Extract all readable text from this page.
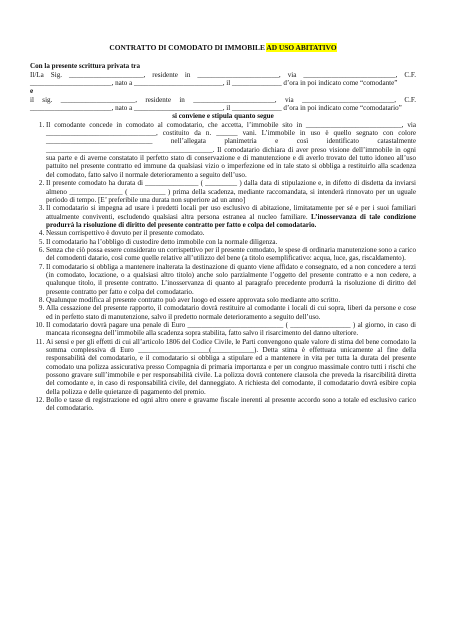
CONTRATTO DI COMODATO DI IMMOBILE AD USO ABITATIVO

Con la presente scrittura privata tra

Il/La Sig. _____________________, residente in _______________________, via __________________________, C.F. _______________________, nato a _________________________, il ______________ d’ora in poi indicato come “comodante”

e

il sig. _____________________, residente in _______________________, via __________________________, C.F. _______________________, nato a _________________________, il ______________ d’ora in poi indicato come “comodatario”

si conviene e stipula quanto segue

1. Il comodante concede in comodato al comodatario, che accetta, l’immobile sito in ___________________________, via _______________________________, costituito da n. ______ vani. L’immobile in uso è quello segnato con colore ______________________________ nell’allegata planimetria e così identificato catastalmente _______________________________________________. Il comodatario dichiara di aver preso visione dell’immobile in ogni sua parte e di averne constatato il perfetto stato di conservazione e di manutenzione e di averlo trovato del tutto idoneo all’uso pattuito nel presente contratto ed immune da qualsiasi vizio o imperfezione ed in tale stato si obbliga a restituirlo alla scadenza del comodato, fatto salvo il normale deterioramento a seguito dell’uso.
2. Il presente comodato ha durata di _______________ ( _________ ) dalla data di stipulazione e, in difetto di disdetta da inviarsi almeno _______________ ( __________ ) prima della scadenza, mediante raccomandata, si intenderà rinnovato per un uguale periodo di tempo. [E’ preferibile una durata non superiore ad un anno]
3. Il comodatario si impegna ad usare i predetti locali per uso esclusivo di abitazione, limitatamente per sé e per i suoi familiari attualmente conviventi, escludendo qualsiasi altra persona estranea al nucleo familiare. L’inosservanza di tale condizione produrrà la risoluzione di diritto del presente contratto per fatto e colpa del comodatario.
4. Nessun corrispettivo è dovuto per il presente comodato.
5. Il comodatario ha l’obbligo di custodire detto immobile con la normale diligenza.
6. Senza che ciò possa essere considerato un corrispettivo per il presente comodato, le spese di ordinaria manutenzione sono a carico del comodenti datario, così come quelle relative all’utilizzo del bene (a titolo esemplificativo: acqua, luce, gas, riscaldamento).
7. Il comodatario si obbliga a mantenere inalterata la destinazione di quanto viene affidato e consegnato, ed a non concedere a terzi (in comodato, locazione, o a qualsiasi altro titolo) anche solo parzialmente l’oggetto del presente contratto e a non cedere, a qualunque titolo, il presente contratto. L’inosservanza di quanto al paragrafo precedente produrrà la risoluzione di diritto del presente contratto per fatto e colpa del comodatario.
8. Qualunque modifica al presente contratto può aver luogo ed essere approvata solo mediante atto scritto.
9. Alla cessazione del presente rapporto, il comodatario dovrà restituire al comodante i locali di cui sopra, liberi da persone e cose ed in perfetto stato di manutenzione, salvo il predetto normale deterioramento a seguito dell’uso.
10. Il comodatario dovrà pagare una penale di Euro ___________________________ ( _________________ ) al giorno, in caso di mancata riconsegna dell’immobile alla scadenza sopra stabilita, fatto salvo il risarcimento del danno ulteriore.
11. Ai sensi e per gli effetti di cui all’articolo 1806 del Codice Civile, le Parti convengono quale valore di stima del bene comodato la somma complessiva di Euro ____________________(____________). Detta stima è effettuata unicamente al fine della responsabilità del comodatario, e il comodatario si obbliga a stipulare ed a mantenere in vita per tutta la durata del presente comodato una polizza assicurativa presso Compagnia di primaria importanza e per un congruo massimale contro tutti i rischi che possono gravare sull’immobile e per responsabilità civile. La polizza dovrà contenere clausola che preveda la risarcibilità diretta del comodante e, in caso di responsabilità civile, del danneggiato. A richiesta del comodante, il comodatario dovrà esibire copia della polizza e delle quietanze di pagamento del premio.
12. Bollo e tasse di registrazione ed ogni altro onere e gravame fiscale inerenti al presente accordo sono a totale ed esclusivo carico del comodatario.
